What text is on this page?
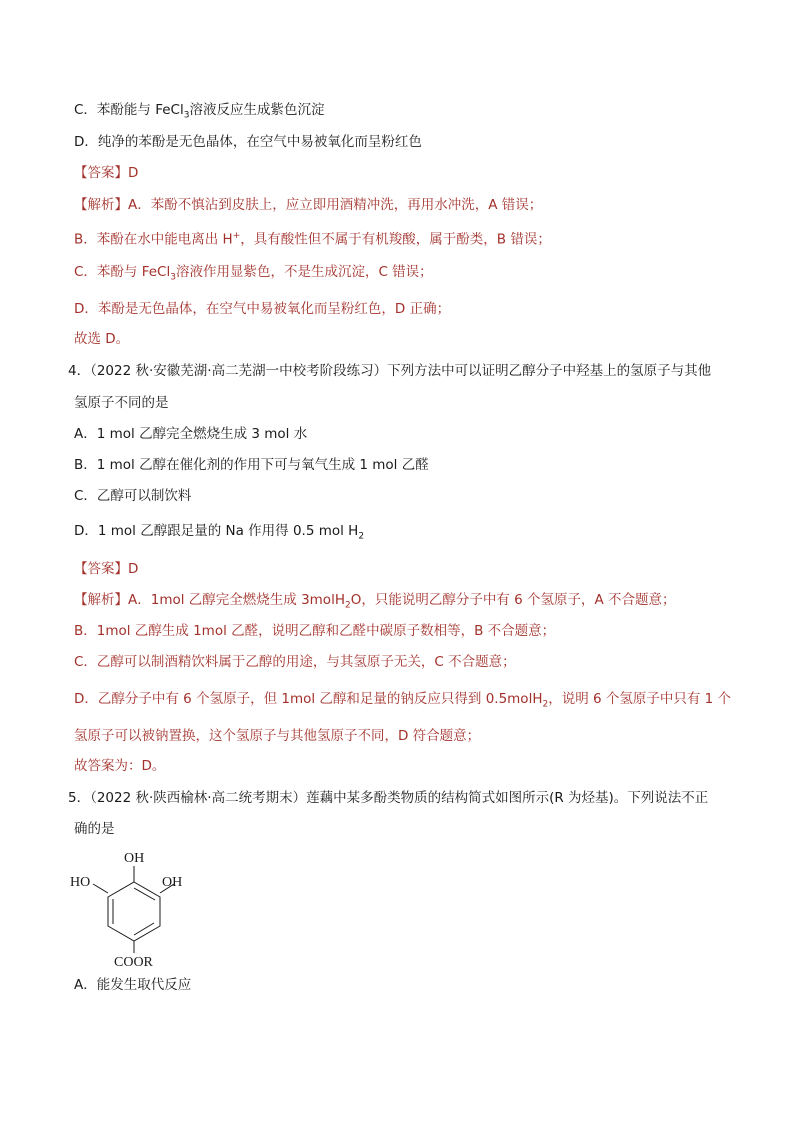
C．苯酚能与 FeCl$_3$溶液反应生成紫色沉淀
D．纯净的苯酚是无色晶体，在空气中易被氧化而呈粉红色
【答案】D
【解析】A．苯酚不慎沾到皮肤上，应立即用酒精冲洗，再用水冲洗，A 错误；
B．苯酚在水中能电离出 H+，具有酸性但不属于有机羧酸，属于酚类，B 错误；
C．苯酚与 FeCl$_3$溶液作用显紫色，不是生成沉淀，C 错误；
D．苯酚是无色晶体，在空气中易被氧化而呈粉红色，D 正确；
故选 D。
4．（2022 秋·安徽芜湖·高二芜湖一中校考阶段练习）下列方法中可以证明乙醇分子中羟基上的氢原子与其他
氢原子不同的是
A．1 mol 乙醇完全燃烧生成 3 mol 水
B．1 mol 乙醇在催化剂的作用下可与氧气生成 1 mol 乙醛
C．乙醇可以制饮料
D．1 mol 乙醇跟足量的 Na 作用得 0.5 mol $H_2$
【答案】D
【解析】A．1mol 乙醇完全燃烧生成 3molH$_2$O，只能说明乙醇分子中有 6 个氢原子，A 不合题意；
B．1mol 乙醇生成 1mol 乙醛，说明乙醇和乙醛中碳原子数相等，B 不合题意；
C．乙醇可以制酒精饮料属于乙醇的用途，与其氢原子无关，C 不合题意；
D．乙醇分子中有 6 个氢原子，但 1mol 乙醇和足量的钠反应只得到 0.5molH$_2$，说明 6 个氢原子中只有 1 个
氢原子可以被钠置换，这个氢原子与其他氢原子不同，D 符合题意；
故答案为：D。
5．（2022 秋·陕西榆林·高二统考期末）莲藕中某多酚类物质的结构简式如图所示(R 为烃基)。下列说法不正
确的是
OH
HO	OH
COOR
A．能发生取代反应
